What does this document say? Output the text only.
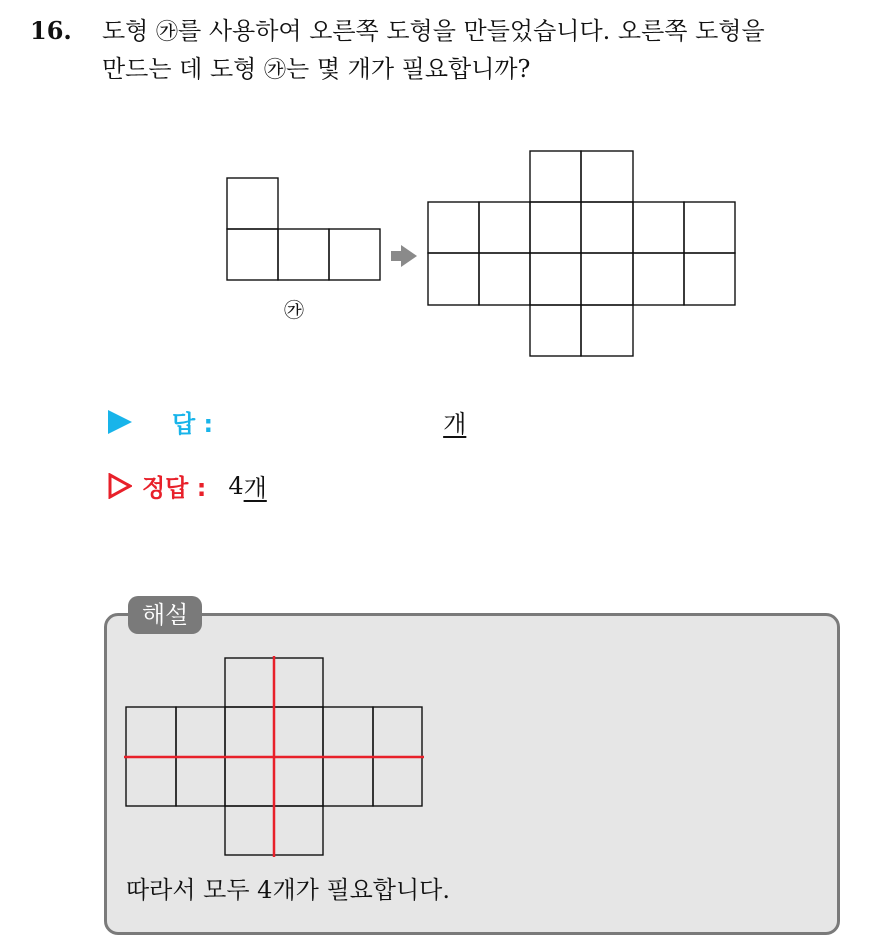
16. 도형 ㉮를 사용하여 오른쪽 도형을 만들었습니다. 오른쪽 도형을
만드는 데 도형 ㉮는 몇 개가 필요합니까?
㉮
답 :	개
정답 : 4 개
해설
따라서 모두 4개가 필요합니다.
